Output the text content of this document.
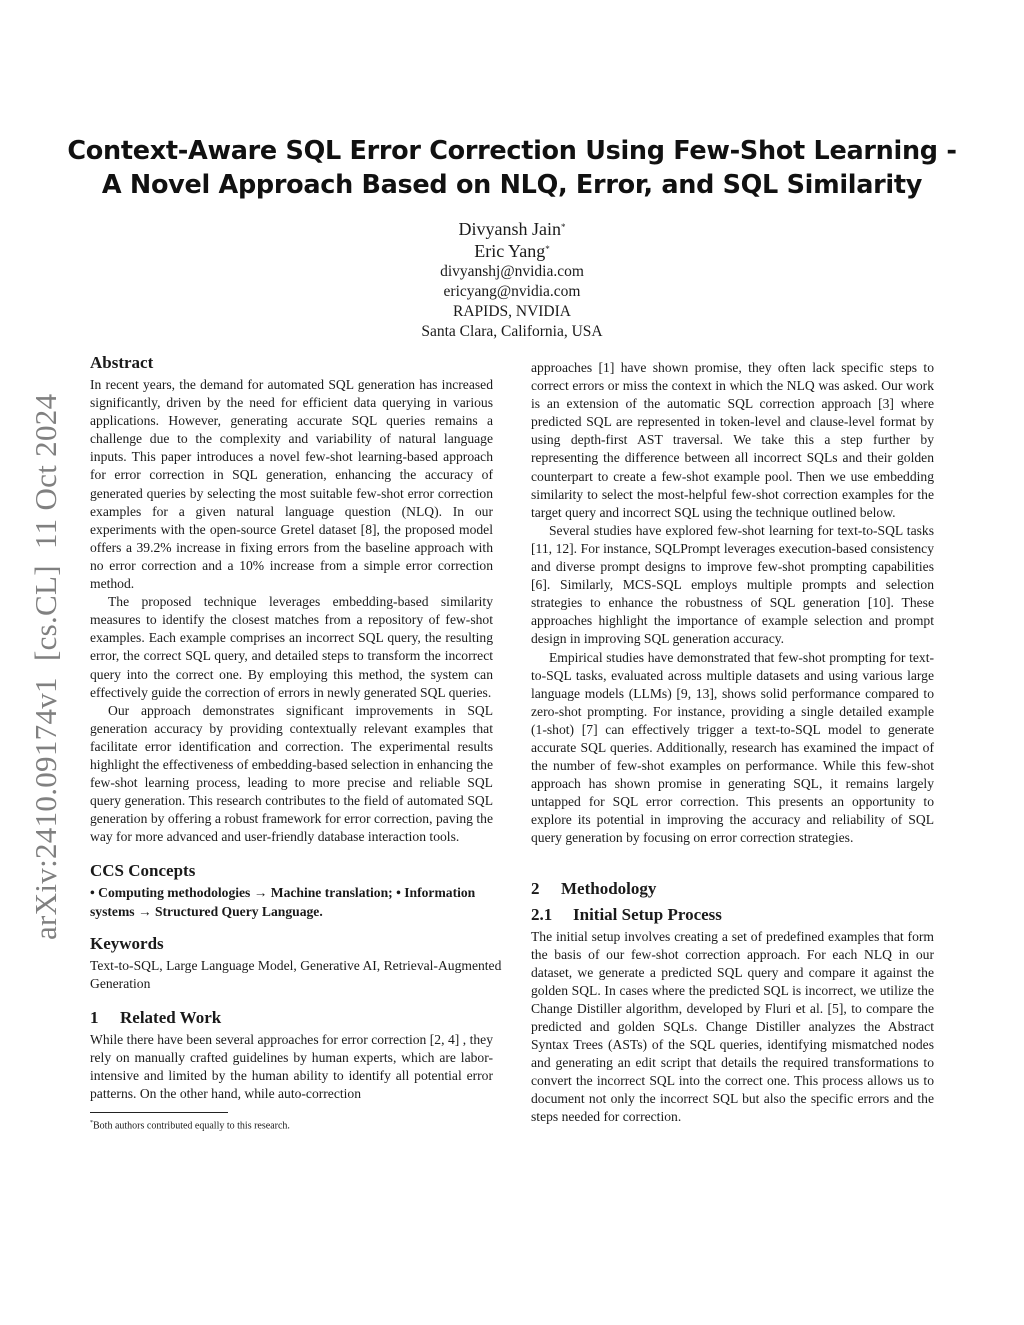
Context-Aware SQL Error Correction Using Few-Shot Learning -
A Novel Approach Based on NLQ, Error, and SQL Similarity
Divyansh Jain*
Eric Yang*
divyanshj@nvidia.com
ericyang@nvidia.com
RAPIDS, NVIDIA
Santa Clara, California, USA
arXiv:2410.09174v1  [cs.CL]  11 Oct 2024
Abstract

In recent years, the demand for automated SQL generation has increased significantly, driven by the need for efficient data querying in various applications. However, generating accurate SQL queries remains a challenge due to the complexity and variability of natural language inputs. This paper introduces a novel few-shot learning-based approach for error correction in SQL generation, enhancing the accuracy of generated queries by selecting the most suitable few-shot error correction examples for a given natural language question (NLQ). In our experiments with the open-source Gretel dataset [8], the proposed model offers a 39.2% increase in fixing errors from the baseline approach with no error correction and a 10% increase from a simple error correction method.

The proposed technique leverages embedding-based similarity measures to identify the closest matches from a repository of few-shot examples. Each example comprises an incorrect SQL query, the resulting error, the correct SQL query, and detailed steps to transform the incorrect query into the correct one. By employing this method, the system can effectively guide the correction of errors in newly generated SQL queries.

Our approach demonstrates significant improvements in SQL generation accuracy by providing contextually relevant examples that facilitate error identification and correction. The experimental results highlight the effectiveness of embedding-based selection in enhancing the few-shot learning process, leading to more precise and reliable SQL query generation. This research contributes to the field of automated SQL generation by offering a robust framework for error correction, paving the way for more advanced and user-friendly database interaction tools.

CCS Concepts

• Computing methodologies → Machine translation; • Information systems → Structured Query Language.

Keywords

Text-to-SQL, Large Language Model, Generative AI, Retrieval-Augmented

Generation

1 Related Work

While there have been several approaches for error correction [2, 4] , they rely on manually crafted guidelines by human experts, which are labor-intensive and limited by the human ability to identify all potential error patterns. On the other hand, while auto-correction

*Both authors contributed equally to this research.

approaches [1] have shown promise, they often lack specific steps to correct errors or miss the context in which the NLQ was asked. Our work is an extension of the automatic SQL correction approach [3] where predicted SQL are represented in token-level and clause-level format by using depth-first AST traversal. We take this a step further by representing the difference between all incorrect SQLs and their golden counterpart to create a few-shot example pool. Then we use embedding similarity to select the most-helpful few-shot correction examples for the target query and incorrect SQL using the technique outlined below.

Several studies have explored few-shot learning for text-to-SQL tasks [11, 12]. For instance, SQLPrompt leverages execution-based consistency and diverse prompt designs to improve few-shot prompting capabilities [6]. Similarly, MCS-SQL employs multiple prompts and selection strategies to enhance the robustness of SQL generation [10]. These approaches highlight the importance of example selection and prompt design in improving SQL generation accuracy.

Empirical studies have demonstrated that few-shot prompting for text-to-SQL tasks, evaluated across multiple datasets and using various large language models (LLMs) [9, 13], shows solid performance compared to zero-shot prompting. For instance, providing a single detailed example (1-shot) [7] can effectively trigger a text-to-SQL model to generate accurate SQL queries. Additionally, research has examined the impact of the number of few-shot examples on performance. While this few-shot approach has shown promise in generating SQL, it remains largely untapped for SQL error correction. This presents an opportunity to explore its potential in improving the accuracy and reliability of SQL query generation by focusing on error correction strategies.

2 Methodology
2.1 Initial Setup Process

The initial setup involves creating a set of predefined examples that form the basis of our few-shot correction approach. For each NLQ in our dataset, we generate a predicted SQL query and compare it against the golden SQL. In cases where the predicted SQL is incorrect, we utilize the Change Distiller algorithm, developed by Fluri et al. [5], to compare the predicted and golden SQLs. Change Distiller analyzes the Abstract Syntax Trees (ASTs) of the SQL queries, identifying mismatched nodes and generating an edit script that details the required transformations to convert the incorrect SQL into the correct one. This process allows us to document not only the incorrect SQL but also the specific errors and the steps needed for correction.
